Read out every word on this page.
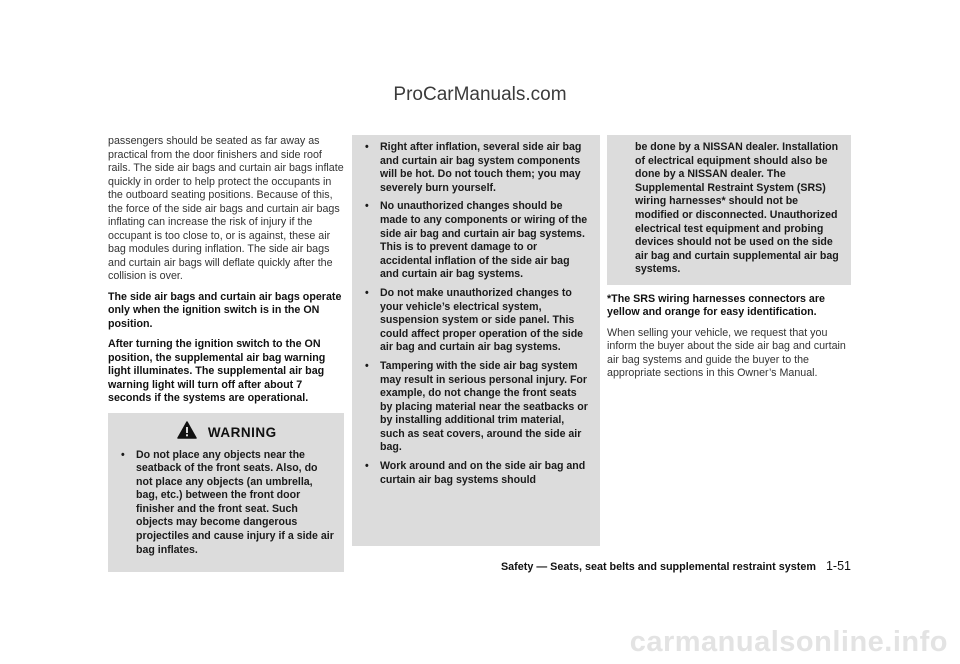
ProCarManuals.com

passengers should be seated as far away as practical from the door finishers and side roof rails. The side air bags and curtain air bags inflate quickly in order to help protect the occupants in the outboard seating positions. Because of this, the force of the side air bags and curtain air bags inflating can increase the risk of injury if the occupant is too close to, or is against, these air bag modules during inflation. The side air bags and curtain air bags will deflate quickly after the collision is over.

The side air bags and curtain air bags operate only when the ignition switch is in the ON position.

After turning the ignition switch to the ON position, the supplemental air bag warning light illuminates. The supplemental air bag warning light will turn off after about 7 seconds if the systems are operational.

WARNING
• Do not place any objects near the seatback of the front seats. Also, do not place any objects (an umbrella, bag, etc.) between the front door finisher and the front seat. Such objects may become dangerous projectiles and cause injury if a side air bag inflates.
• Right after inflation, several side air bag and curtain air bag system components will be hot. Do not touch them; you may severely burn yourself.
• No unauthorized changes should be made to any components or wiring of the side air bag and curtain air bag systems. This is to prevent damage to or accidental inflation of the side air bag and curtain air bag systems.
• Do not make unauthorized changes to your vehicle’s electrical system, suspension system or side panel. This could affect proper operation of the side air bag and curtain air bag systems.
• Tampering with the side air bag system may result in serious personal injury. For example, do not change the front seats by placing material near the seatbacks or by installing additional trim material, such as seat covers, around the side air bag.
• Work around and on the side air bag and curtain air bag systems should
be done by a NISSAN dealer. Installation of electrical equipment should also be done by a NISSAN dealer. The Supplemental Restraint System (SRS) wiring harnesses* should not be modified or disconnected. Unauthorized electrical test equipment and probing devices should not be used on the side air bag and curtain supplemental air bag systems.

*The SRS wiring harnesses connectors are yellow and orange for easy identification.

When selling your vehicle, we request that you inform the buyer about the side air bag and curtain air bag systems and guide the buyer to the appropriate sections in this Owner’s Manual.

Safety — Seats, seat belts and supplemental restraint system 1-51
carmanualsonline.info
